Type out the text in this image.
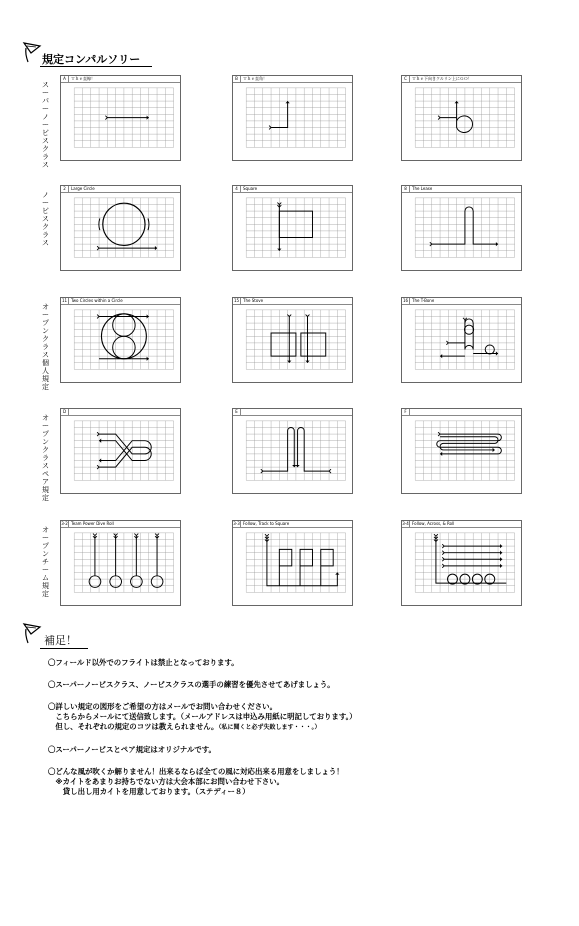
規定コンパルソリー
スーパーノービスクラス
A	Ｔｈｅ直線！	B	Ｔｈｅ直角！	C	Ｔｈｅ下向きクルリン上にＧＯ！
ノービスクラス
2	Large Circle	4	Square	8	The Lease
オープンクラス個人規定
11 Two Circles within a Circle	15 The Stove	16 The T-Bone
オープンクラスペア規定
D	E	F
オープンチーム規定
3-2 Team Power Dive Roll	3-3 Follow, Track to Square	3-4 Follow, Across, & Roll
補足！
〇フィールド以外でのフライトは禁止となっております。
〇スーパーノービスクラス、ノービスクラスの選手の練習を優先させてあげましょう。
〇詳しい規定の図形をご希望の方はメールでお問い合わせください。
　こちらからメールにて送信致します。（メールアドレスは申込み用紙に明記しております。）
　但し、それぞれの規定のコツは教えられません。（私に聞くと必ず失敗します・・・。）
〇スーパーノービスとペア規定はオリジナルです。
〇どんな風が吹くか解りません！出来るならば全ての風に対応出来る用意をしましょう！
　※カイトをあまりお持ちでない方は大会本部にお問い合わせ下さい。
　　貸し出し用カイトを用意しております。（ステディー８）
